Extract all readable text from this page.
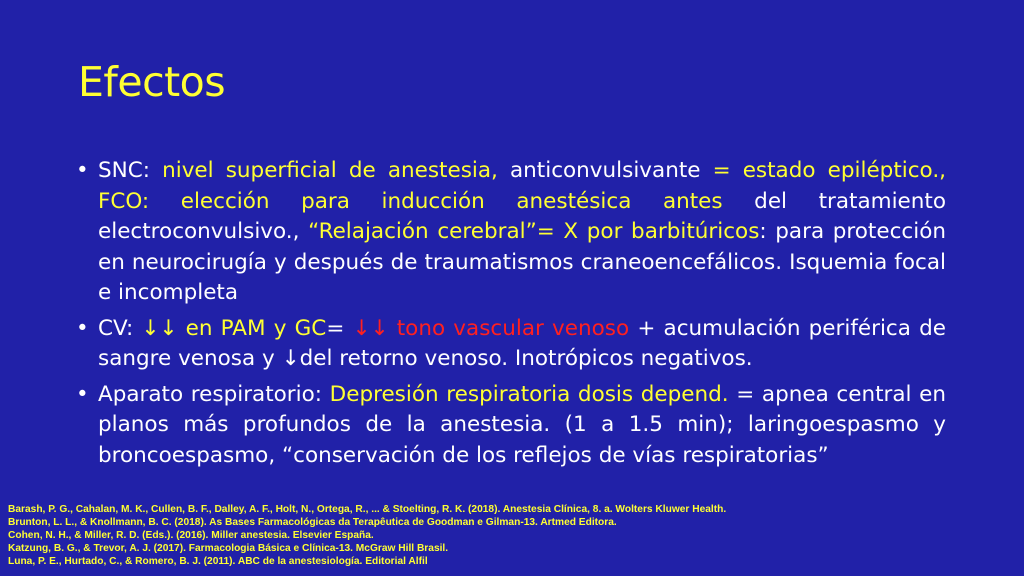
Efectos
• SNC: nivel superficial de anestesia, anticonvulsivante = estado epiléptico., FCO: elección para inducción anestésica antes del tratamiento electroconvulsivo., “Relajación cerebral”= X por barbitúricos: para protección en neurocirugía y después de traumatismos craneoencefálicos. Isquemia focal e incompleta
• CV: ↓↓ en PAM y GC= ↓↓ tono vascular venoso + acumulación periférica de sangre venosa y ↓del retorno venoso. Inotrópicos negativos.
• Aparato respiratorio: Depresión respiratoria dosis depend. = apnea central en planos más profundos de la anestesia. (1 a 1.5 min); laringoespasmo y broncoespasmo, “conservación de los reflejos de vías respiratorias”
Barash, P. G., Cahalan, M. K., Cullen, B. F., Dalley, A. F., Holt, N., Ortega, R., ... & Stoelting, R. K. (2018). Anestesia Clínica, 8. a. Wolters Kluwer Health.
Brunton, L. L., & Knollmann, B. C. (2018). As Bases Farmacológicas da Terapêutica de Goodman e Gilman-13. Artmed Editora.
Cohen, N. H., & Miller, R. D. (Eds.). (2016). Miller anestesia. Elsevier España.
Katzung, B. G., & Trevor, A. J. (2017). Farmacologia Básica e Clínica-13. McGraw Hill Brasil.
Luna, P. E., Hurtado, C., & Romero, B. J. (2011). ABC de la anestesiología. Editorial Alfil
